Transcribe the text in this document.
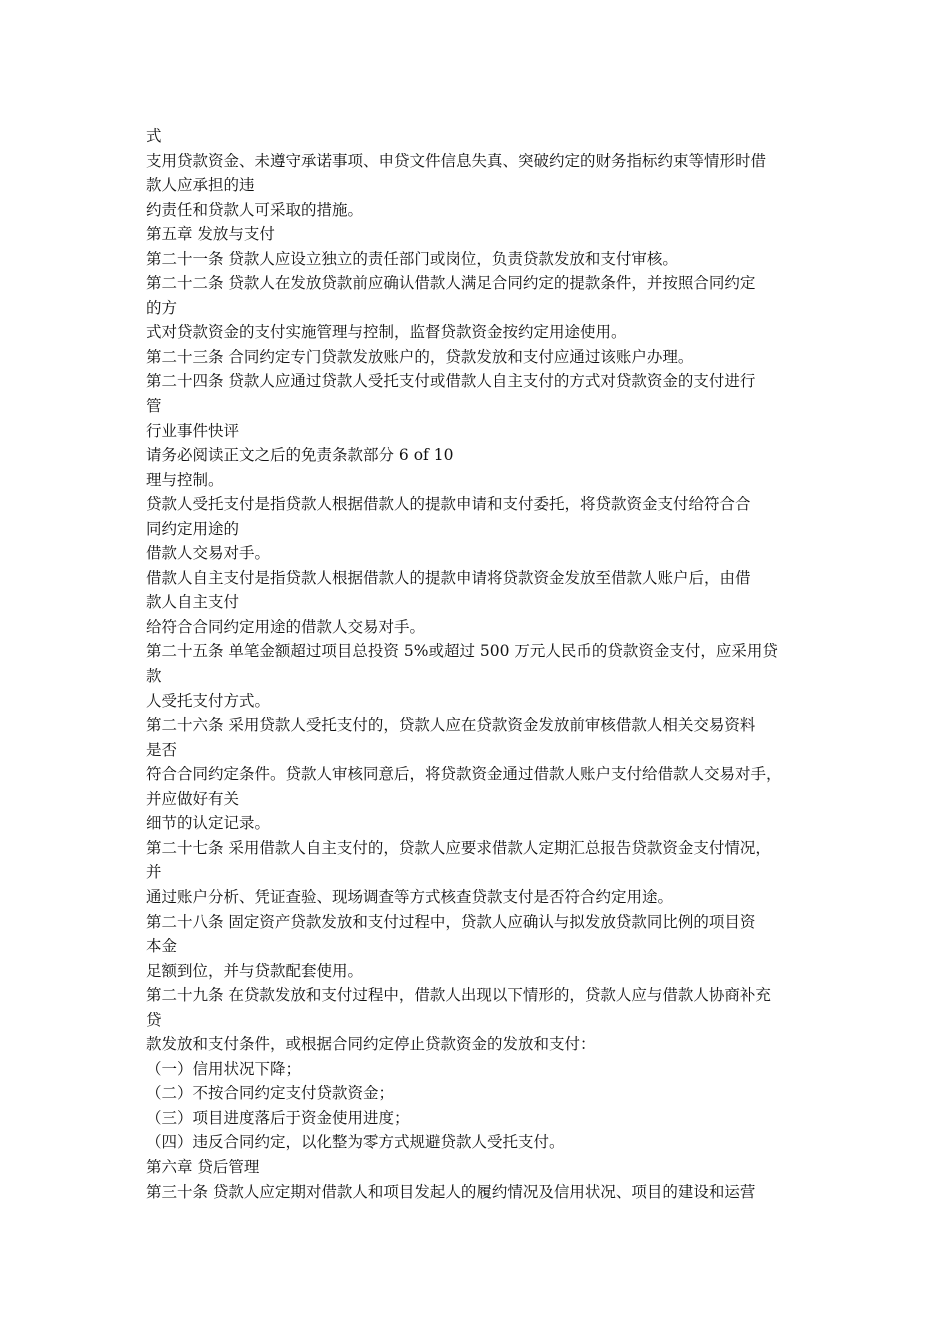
式
支用贷款资金、未遵守承诺事项、申贷文件信息失真、突破约定的财务指标约束等情形时借
款人应承担的违
约责任和贷款人可采取的措施。
第五章 发放与支付
第二十一条 贷款人应设立独立的责任部门或岗位，负责贷款发放和支付审核。
第二十二条 贷款人在发放贷款前应确认借款人满足合同约定的提款条件，并按照合同约定
的方
式对贷款资金的支付实施管理与控制，监督贷款资金按约定用途使用。
第二十三条 合同约定专门贷款发放账户的，贷款发放和支付应通过该账户办理。
第二十四条 贷款人应通过贷款人受托支付或借款人自主支付的方式对贷款资金的支付进行
管
行业事件快评
请务必阅读正文之后的免责条款部分 6 of 10
理与控制。
贷款人受托支付是指贷款人根据借款人的提款申请和支付委托，将贷款资金支付给符合合
同约定用途的
借款人交易对手。
借款人自主支付是指贷款人根据借款人的提款申请将贷款资金发放至借款人账户后，由借
款人自主支付
给符合合同约定用途的借款人交易对手。
第二十五条 单笔金额超过项目总投资 5%或超过 500 万元人民币的贷款资金支付，应采用贷
款
人受托支付方式。
第二十六条 采用贷款人受托支付的，贷款人应在贷款资金发放前审核借款人相关交易资料
是否
符合合同约定条件。贷款人审核同意后，将贷款资金通过借款人账户支付给借款人交易对手，
并应做好有关
细节的认定记录。
第二十七条 采用借款人自主支付的，贷款人应要求借款人定期汇总报告贷款资金支付情况，
并
通过账户分析、凭证查验、现场调查等方式核查贷款支付是否符合约定用途。
第二十八条 固定资产贷款发放和支付过程中，贷款人应确认与拟发放贷款同比例的项目资
本金
足额到位，并与贷款配套使用。
第二十九条 在贷款发放和支付过程中，借款人出现以下情形的，贷款人应与借款人协商补充
贷
款发放和支付条件，或根据合同约定停止贷款资金的发放和支付：
（一）信用状况下降；
（二）不按合同约定支付贷款资金；
（三）项目进度落后于资金使用进度；
（四）违反合同约定，以化整为零方式规避贷款人受托支付。
第六章 贷后管理
第三十条 贷款人应定期对借款人和项目发起人的履约情况及信用状况、项目的建设和运营
